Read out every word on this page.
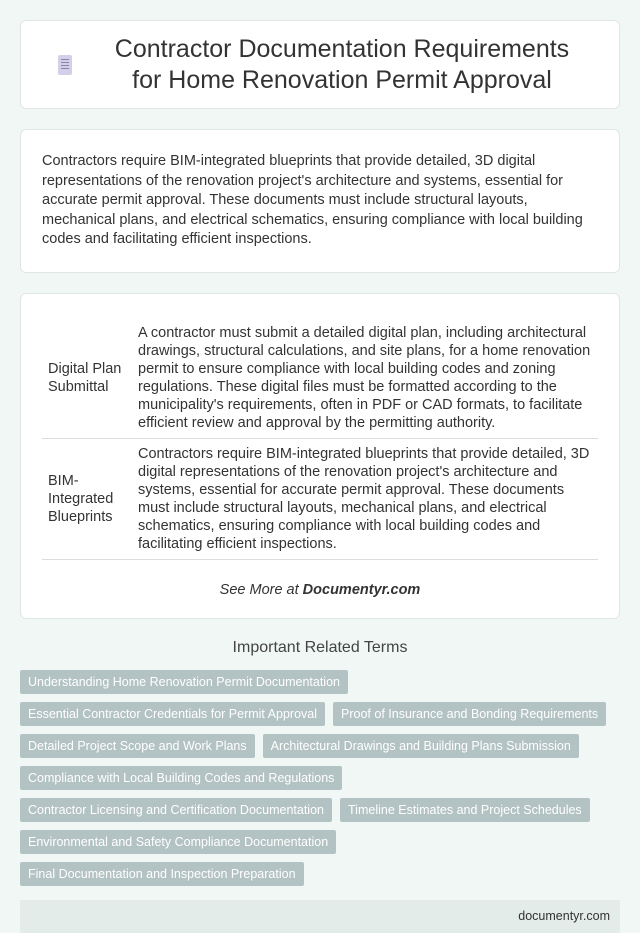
Contractor Documentation Requirements for Home Renovation Permit Approval
Contractors require BIM-integrated blueprints that provide detailed, 3D digital representations of the renovation project's architecture and systems, essential for accurate permit approval. These documents must include structural layouts, mechanical plans, and electrical schematics, ensuring compliance with local building codes and facilitating efficient inspections.
Digital Plan Submittal	A contractor must submit a detailed digital plan, including architectural drawings, structural calculations, and site plans, for a home renovation permit to ensure compliance with local building codes and zoning regulations. These digital files must be formatted according to the municipality's requirements, often in PDF or CAD formats, to facilitate efficient review and approval by the permitting authority.
BIM-Integrated Blueprints	Contractors require BIM-integrated blueprints that provide detailed, 3D digital representations of the renovation project's architecture and systems, essential for accurate permit approval. These documents must include structural layouts, mechanical plans, and electrical schematics, ensuring compliance with local building codes and facilitating efficient inspections.
See More at Documentyr.com
Important Related Terms
Understanding Home Renovation Permit Documentation
Essential Contractor Credentials for Permit Approval	Proof of Insurance and Bonding Requirements
Detailed Project Scope and Work Plans	Architectural Drawings and Building Plans Submission
Compliance with Local Building Codes and Regulations
Contractor Licensing and Certification Documentation	Timeline Estimates and Project Schedules
Environmental and Safety Compliance Documentation
Final Documentation and Inspection Preparation
documentyr.com
